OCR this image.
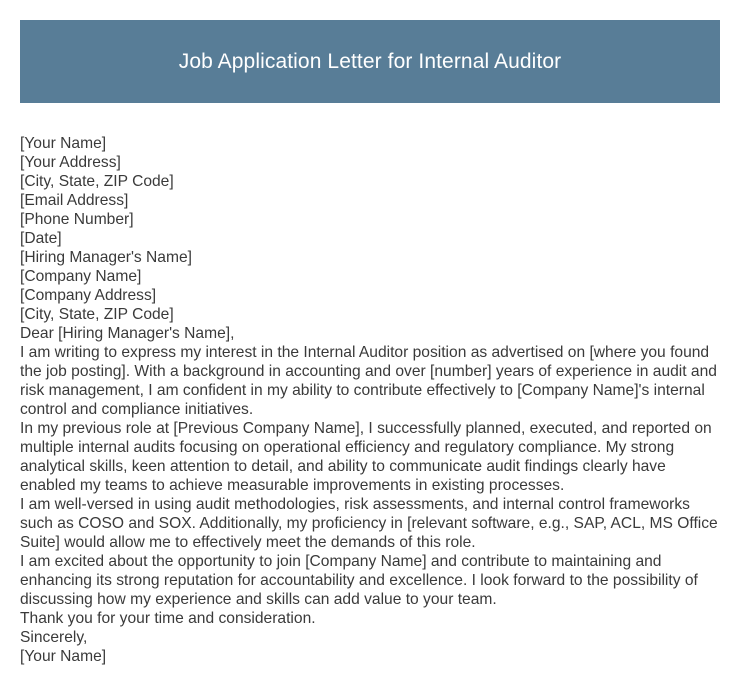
Job Application Letter for Internal Auditor

[Your Name]

[Your Address]

[City, State, ZIP Code]

[Email Address]

[Phone Number]

[Date]

[Hiring Manager's Name]

[Company Name]

[Company Address]

[City, State, ZIP Code]

Dear [Hiring Manager's Name],

I am writing to express my interest in the Internal Auditor position as advertised on [where you found the job posting]. With a background in accounting and over [number] years of experience in audit and risk management, I am confident in my ability to contribute effectively to [Company Name]'s internal control and compliance initiatives.

In my previous role at [Previous Company Name], I successfully planned, executed, and reported on multiple internal audits focusing on operational efficiency and regulatory compliance. My strong analytical skills, keen attention to detail, and ability to communicate audit findings clearly have enabled my teams to achieve measurable improvements in existing processes.

I am well-versed in using audit methodologies, risk assessments, and internal control frameworks such as COSO and SOX. Additionally, my proficiency in [relevant software, e.g., SAP, ACL, MS Office Suite] would allow me to effectively meet the demands of this role.

I am excited about the opportunity to join [Company Name] and contribute to maintaining and enhancing its strong reputation for accountability and excellence. I look forward to the possibility of discussing how my experience and skills can add value to your team.

Thank you for your time and consideration.

Sincerely,

[Your Name]
